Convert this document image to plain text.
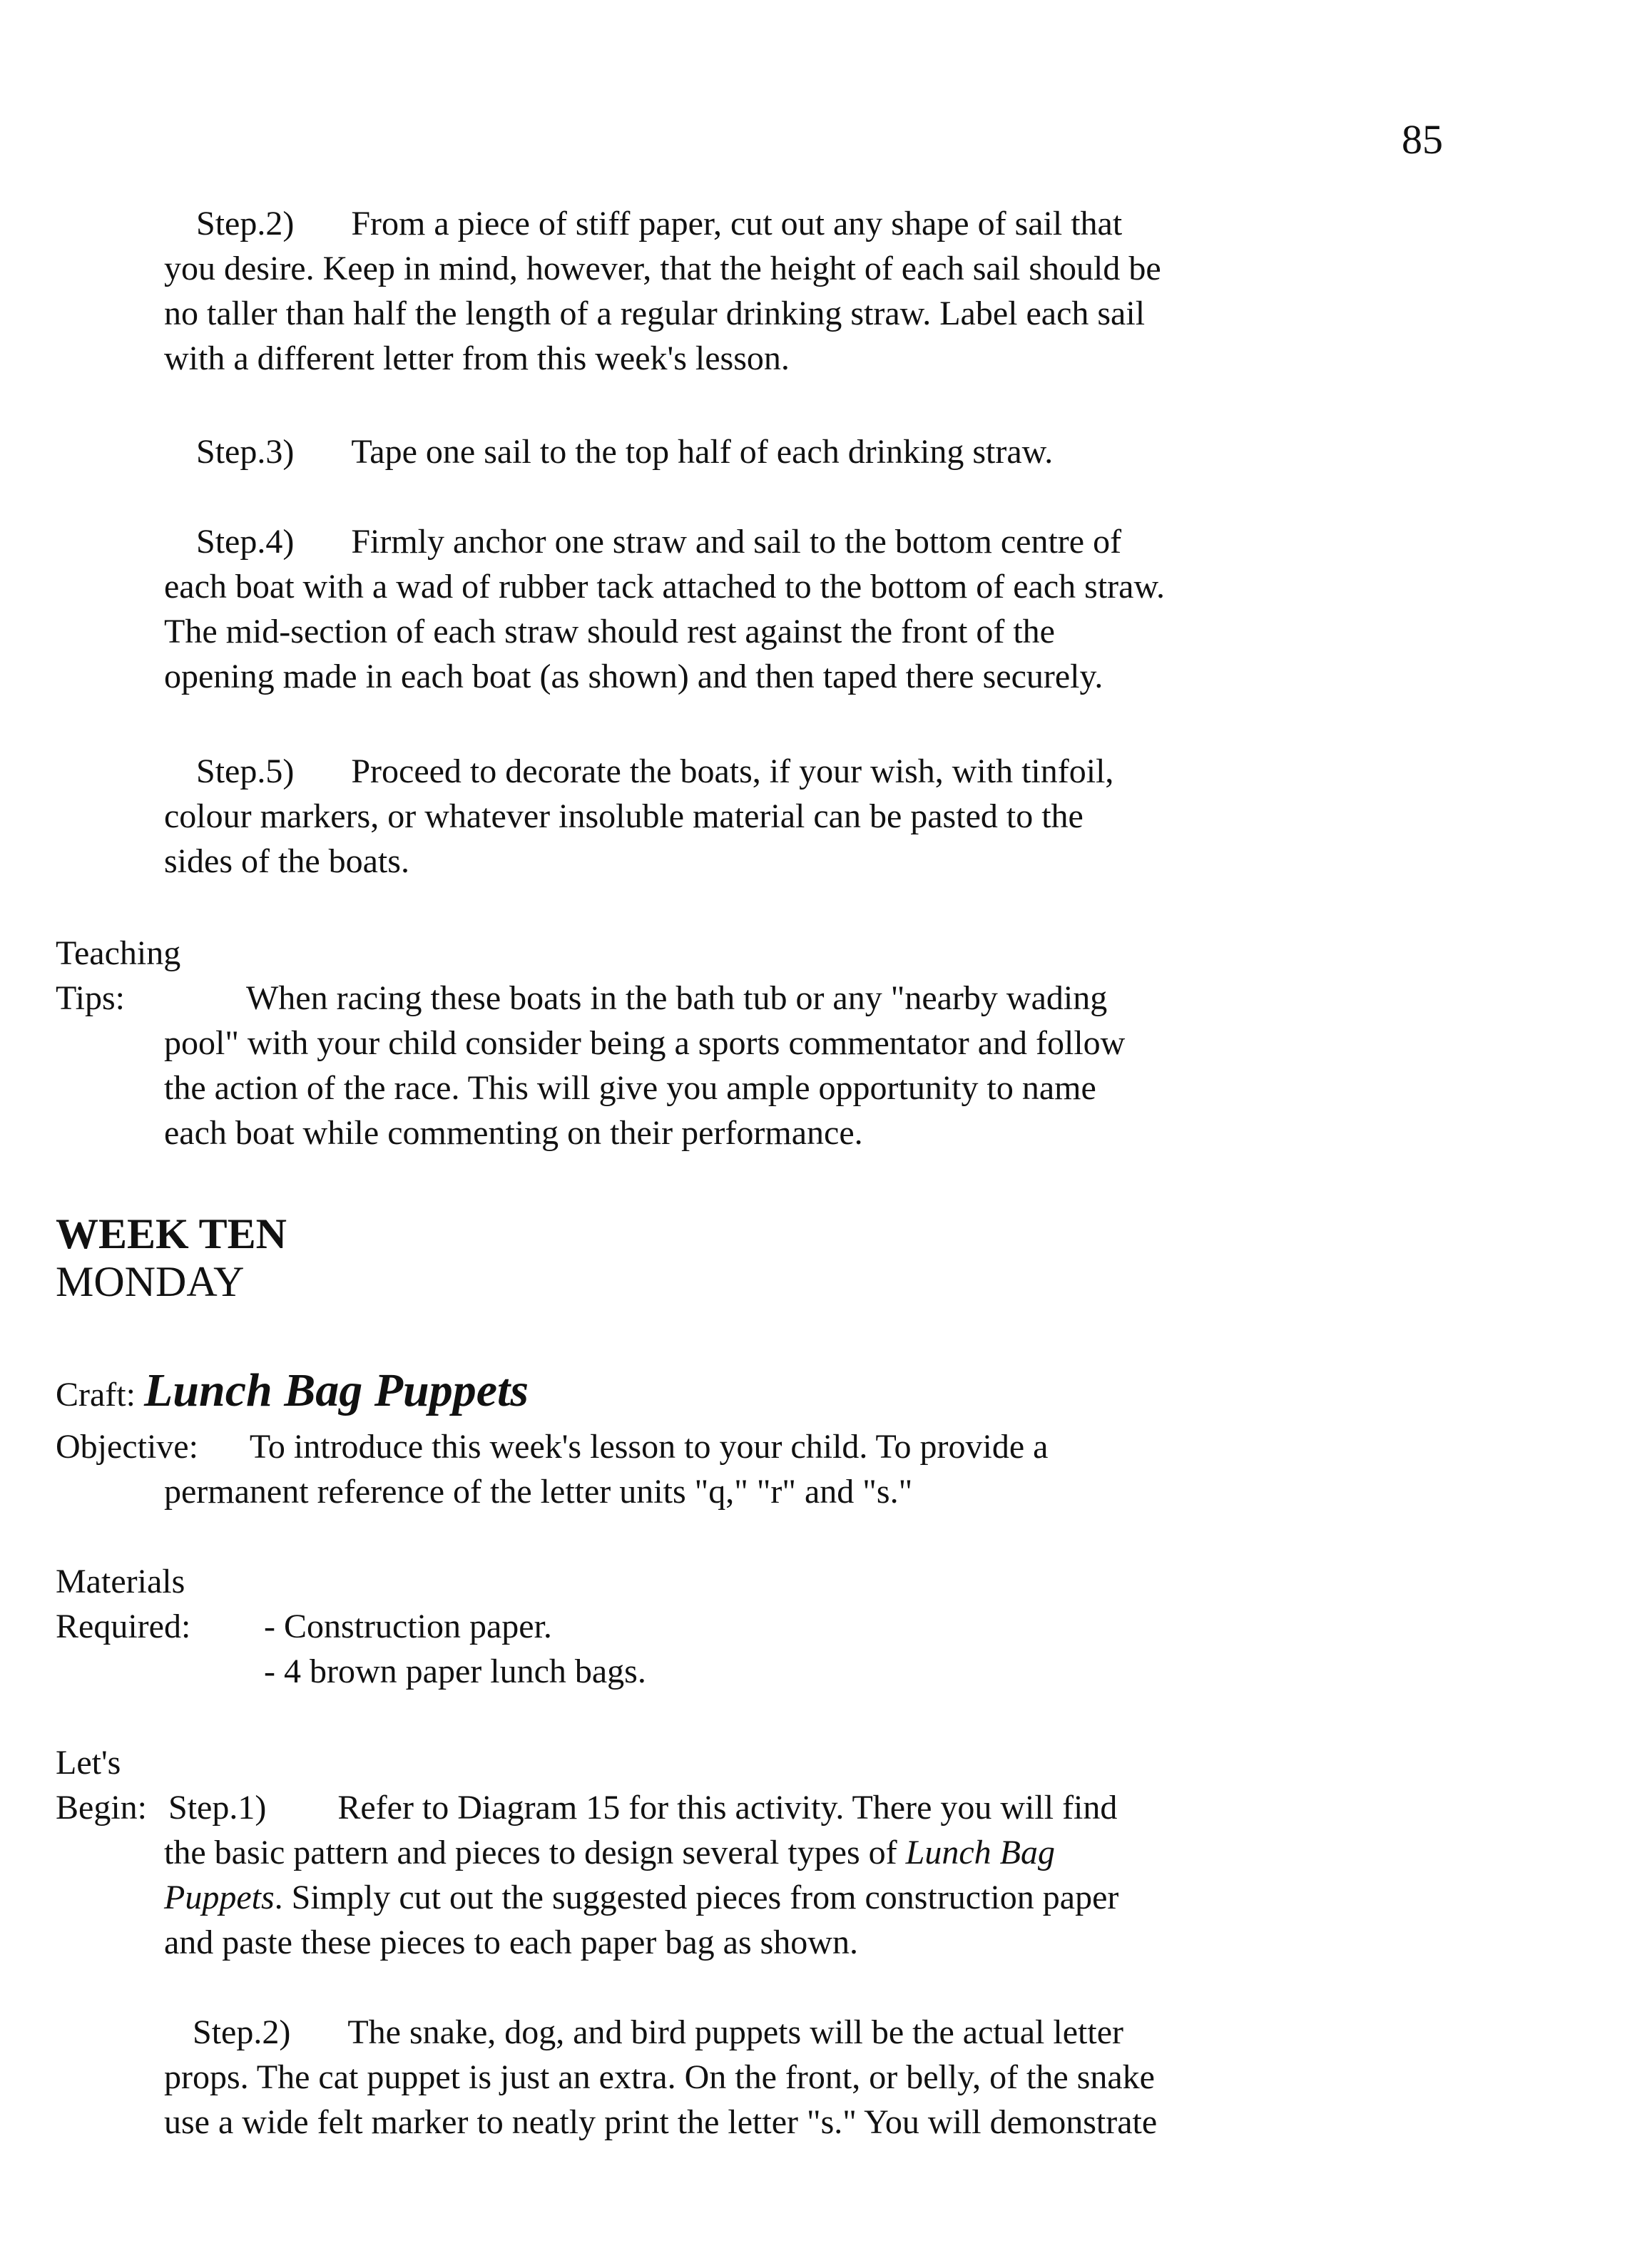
85
Step.2) From a piece of stiff paper, cut out any shape of sail that
you desire. Keep in mind, however, that the height of each sail should be
no taller than half the length of a regular drinking straw. Label each sail
with a different letter from this week's lesson.
Step.3) Tape one sail to the top half of each drinking straw.
Step.4) Firmly anchor one straw and sail to the bottom centre of
each boat with a wad of rubber tack attached to the bottom of each straw.
The mid-section of each straw should rest against the front of the
opening made in each boat (as shown) and then taped there securely.
Step.5) Proceed to decorate the boats, if your wish, with tinfoil,
colour markers, or whatever insoluble material can be pasted to the
sides of the boats.
Teaching
Tips:	When racing these boats in the bath tub or any "nearby wading
pool" with your child consider being a sports commentator and follow
the action of the race. This will give you ample opportunity to name
each boat while commenting on their performance.
WEEK TEN
MONDAY
Craft: Lunch Bag Puppets
Objective: To introduce this week's lesson to your child. To provide a
permanent reference of the letter units "q," "r" and "s."
Materials
Required: - Construction paper.
- 4 brown paper lunch bags.
Let's
Begin: Step.1) Refer to Diagram 15 for this activity. There you will find
the basic pattern and pieces to design several types of Lunch Bag
Puppets. Simply cut out the suggested pieces from construction paper
and paste these pieces to each paper bag as shown.
Step.2) The snake, dog, and bird puppets will be the actual letter
props. The cat puppet is just an extra. On the front, or belly, of the snake
use a wide felt marker to neatly print the letter "s." You will demonstrate
